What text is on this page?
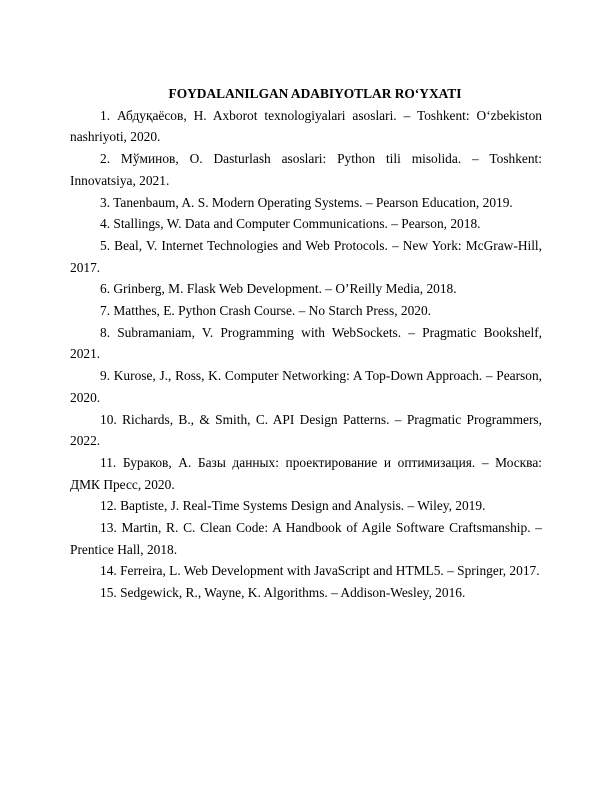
FOYDALANILGAN ADABIYOTLAR RO‘YXATI

1. Абдуқаёсов, H. Axborot texnologiyalari asoslari. – Toshkent: O‘zbekiston nashriyoti, 2020.

2. Мўминов, O. Dasturlash asoslari: Python tili misolida. – Toshkent: Innovatsiya, 2021.

3. Tanenbaum, A. S. Modern Operating Systems. – Pearson Education, 2019.

4. Stallings, W. Data and Computer Communications. – Pearson, 2018.

5. Beal, V. Internet Technologies and Web Protocols. – New York: McGraw-Hill, 2017.

6. Grinberg, M. Flask Web Development. – O’Reilly Media, 2018.

7. Matthes, E. Python Crash Course. – No Starch Press, 2020.

8. Subramaniam, V. Programming with WebSockets. – Pragmatic Bookshelf, 2021.

9. Kurose, J., Ross, K. Computer Networking: A Top-Down Approach. – Pearson, 2020.

10. Richards, B., & Smith, C. API Design Patterns. – Pragmatic Programmers, 2022.

11. Бураков, А. Базы данных: проектирование и оптимизация. – Москва: ДМК Пресс, 2020.

12. Baptiste, J. Real-Time Systems Design and Analysis. – Wiley, 2019.

13. Martin, R. C. Clean Code: A Handbook of Agile Software Craftsmanship. – Prentice Hall, 2018.

14. Ferreira, L. Web Development with JavaScript and HTML5. – Springer, 2017.

15. Sedgewick, R., Wayne, K. Algorithms. – Addison-Wesley, 2016.
